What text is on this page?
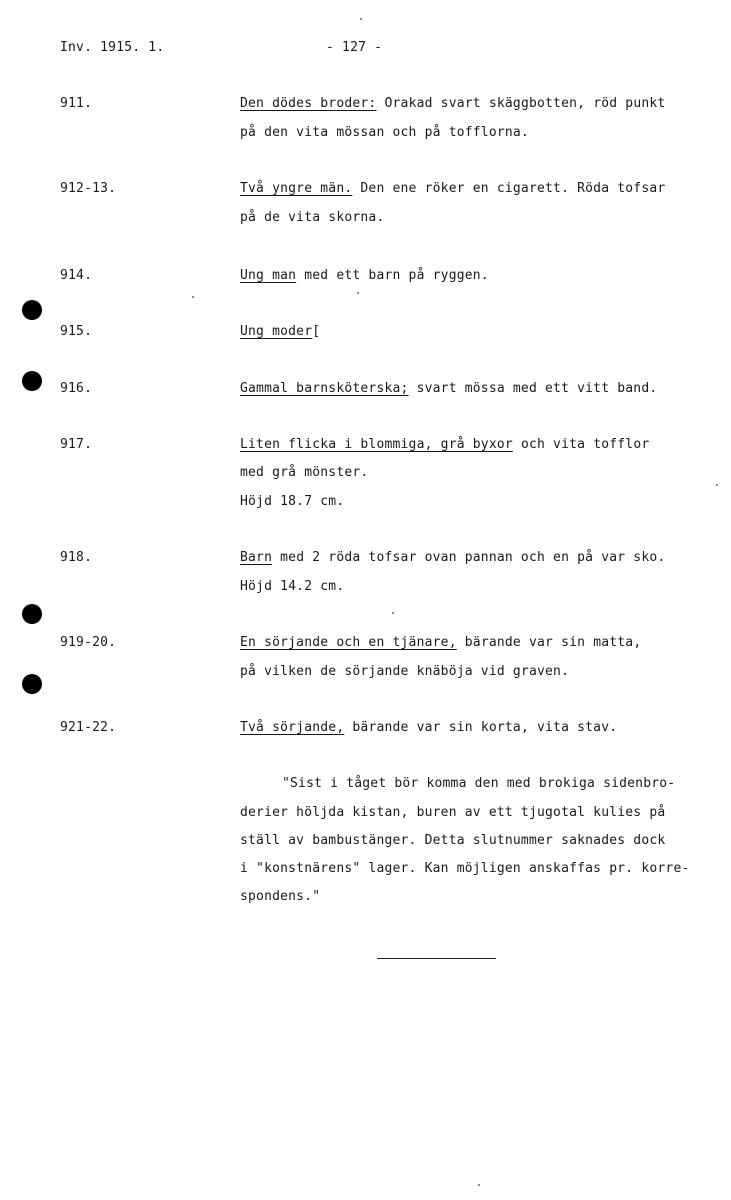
Inv. 1915. 1.	- 127 -
911.	Den dödes broder: Orakad svart skäggbotten, röd punkt
på den vita mössan och på tofflorna.
912-13.	Två yngre män. Den ene röker en cigarett. Röda tofsar
på de vita skorna.
914.	Ung man med ett barn på ryggen.
915.	Ung moder[
916.	Gammal barnsköterska; svart mössa med ett vitt band.
917.	Liten flicka i blommiga, grå byxor och vita tofflor
med grå mönster.
Höjd 18.7 cm.
918.	Barn med 2 röda tofsar ovan pannan och en på var sko.
Höjd 14.2 cm.
919-20.	En sörjande och en tjänare, bärande var sin matta,
på vilken de sörjande knäböja vid graven.
921-22.	Två sörjande, bärande var sin korta, vita stav.
"Sist i tåget bör komma den med brokiga sidenbro-
derier höljda kistan, buren av ett tjugotal kulies på
ställ av bambustänger. Detta slutnummer saknades dock
i "konstnärens" lager. Kan möjligen anskaffas pr. korre-
spondens."
